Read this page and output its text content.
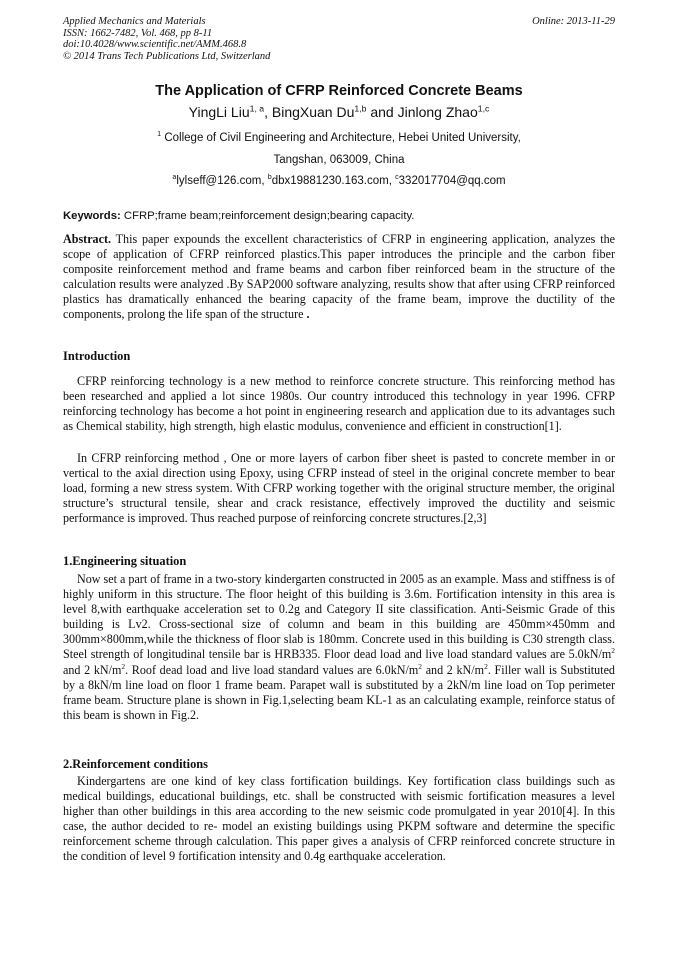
Applied Mechanics and Materials
ISSN: 1662-7482, Vol. 468, pp 8-11
doi:10.4028/www.scientific.net/AMM.468.8
© 2014 Trans Tech Publications Ltd, Switzerland
Online: 2013-11-29
The Application of CFRP Reinforced Concrete Beams
YingLi Liu$^{1, a}$, BingXuan Du$^{1,b}$ and Jinlong Zhao$^{1,c}$
$^1$ College of Civil Engineering and Architecture, Hebei United University,
Tangshan, 063009, China
$^a$lylseff@126.com, $^b$dbx19881230.163.com, $^c$332017704@qq.com
Keywords: CFRP;frame beam;reinforcement design;bearing capacity.
Abstract. This paper expounds the excellent characteristics of CFRP in engineering application, analyzes the scope of application of CFRP reinforced plastics.This paper introduces the principle and the carbon fiber composite reinforcement method and frame beams and carbon fiber reinforced beam in the structure of the calculation results were analyzed .By SAP2000 software analyzing, results show that after using CFRP reinforced plastics has dramatically enhanced the bearing capacity of the frame beam, improve the ductility of the components, prolong the life span of the structure .
Introduction
CFRP reinforcing technology is a new method to reinforce concrete structure. This reinforcing method has been researched and applied a lot since 1980s. Our country introduced this technology in year 1996. CFRP reinforcing technology has become a hot point in engineering research and application due to its advantages such as Chemical stability, high strength, high elastic modulus, convenience and efficient in construction[1].
In CFRP reinforcing method , One or more layers of carbon fiber sheet is pasted to concrete member in or vertical to the axial direction using Epoxy, using CFRP instead of steel in the original concrete member to bear load, forming a new stress system. With CFRP working together with the original structure member, the original structure’s structural tensile, shear and crack resistance, effectively improved the ductility and seismic performance is improved. Thus reached purpose of reinforcing concrete structures.[2,3]
1.Engineering situation
Now set a part of frame in a two-story kindergarten constructed in 2005 as an example. Mass and stiffness is of highly uniform in this structure. The floor height of this building is 3.6m. Fortification intensity in this area is level 8,with earthquake acceleration set to 0.2g and Category II site classification. Anti-Seismic Grade of this building is Lv2. Cross-sectional size of column and beam in this building are 450mm×450mm and 300mm×800mm,while the thickness of floor slab is 180mm. Concrete used in this building is C30 strength class. Steel strength of longitudinal tensile bar is HRB335. Floor dead load and live load standard values are $5.0kN/m^2$ and 2 $kN/m^2$. Roof dead load and live load standard values are $6.0kN/m^2$ and 2 $kN/m^2$. Filler wall is Substituted by a 8kN/m line load on floor 1 frame beam. Parapet wall is substituted by a 2kN/m line load on Top perimeter frame beam. Structure plane is shown in Fig.1,selecting beam KL-1 as an calculating example, reinforce status of this beam is shown in Fig.2.
2.Reinforcement conditions
Kindergartens are one kind of key class fortification buildings. Key fortification class buildings such as medical buildings, educational buildings, etc. shall be constructed with seismic fortification measures a level higher than other buildings in this area according to the new seismic code promulgated in year 2010[4]. In this case, the author decided to re- model an existing buildings using PKPM software and determine the specific reinforcement scheme through calculation. This paper gives a analysis of CFRP reinforced concrete structure in the condition of level 9 fortification intensity and 0.4g earthquake acceleration.
